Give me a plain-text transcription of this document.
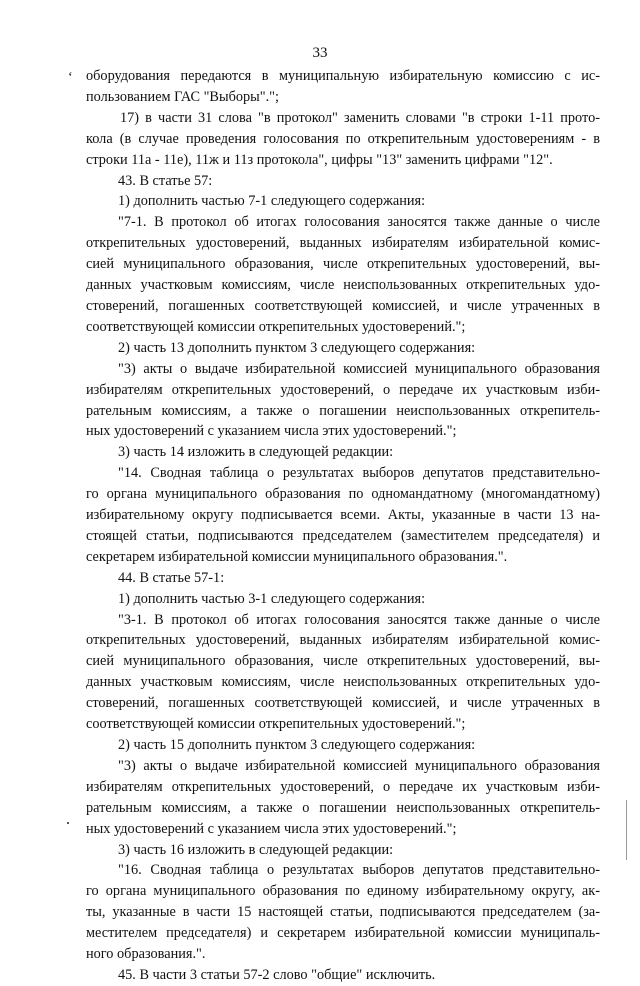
33
‘ оборудования передаются в муниципальную избирательную комиссию с ис-
пользованием ГАС "Выборы".";
17) в части 31 слова "в протокол" заменить словами "в строки 1-11 прото-
кола (в случае проведения голосования по открепительным удостоверениям - в
строки 11а - 11е), 11ж и 11з протокола", цифры "13" заменить цифрами "12".
43. В статье 57:
1) дополнить частью 7-1 следующего содержания:
"7-1. В протокол об итогах голосования заносятся также данные о числе
открепительных удостоверений, выданных избирателям избирательной комис-
сией муниципального образования, числе открепительных удостоверений, вы-
данных участковым комиссиям, числе неиспользованных открепительных удо-
стоверений, погашенных соответствующей комиссией, и числе утраченных в
соответствующей комиссии открепительных удостоверений.";
2) часть 13 дополнить пунктом 3 следующего содержания:
"3) акты о выдаче избирательной комиссией муниципального образования
избирателям открепительных удостоверений, о передаче их участковым изби-
рательным комиссиям, а также о погашении неиспользованных открепитель-
ных удостоверений с указанием числа этих удостоверений.";
3) часть 14 изложить в следующей редакции:
"14. Сводная таблица о результатах выборов депутатов представительно-
го органа муниципального образования по одномандатному (многомандатному)
избирательному округу подписывается всеми. Акты, указанные в части 13 на-
стоящей статьи, подписываются председателем (заместителем председателя) и
секретарем избирательной комиссии муниципального образования.".
44. В статье 57-1:
1) дополнить частью 3-1 следующего содержания:
"3-1. В протокол об итогах голосования заносятся также данные о числе
открепительных удостоверений, выданных избирателям избирательной комис-
сией муниципального образования, числе открепительных удостоверений, вы-
данных участковым комиссиям, числе неиспользованных открепительных удо-
стоверений, погашенных соответствующей комиссией, и числе утраченных в
соответствующей комиссии открепительных удостоверений.";
2) часть 15 дополнить пунктом 3 следующего содержания:
"3) акты о выдаче избирательной комиссией муниципального образования
избирателям открепительных удостоверений, о передаче их участковым изби-
рательным комиссиям, а также о погашении неиспользованных открепитель-
ных удостоверений с указанием числа этих удостоверений.";
3) часть 16 изложить в следующей редакции:
"16. Сводная таблица о результатах выборов депутатов представительно-
го органа муниципального образования по единому избирательному округу, ак-
ты, указанные в части 15 настоящей статьи, подписываются председателем (за-
местителем председателя) и секретарем избирательной комиссии муниципаль-
ного образования.".
45. В части 3 статьи 57-2 слово "общие" исключить.
